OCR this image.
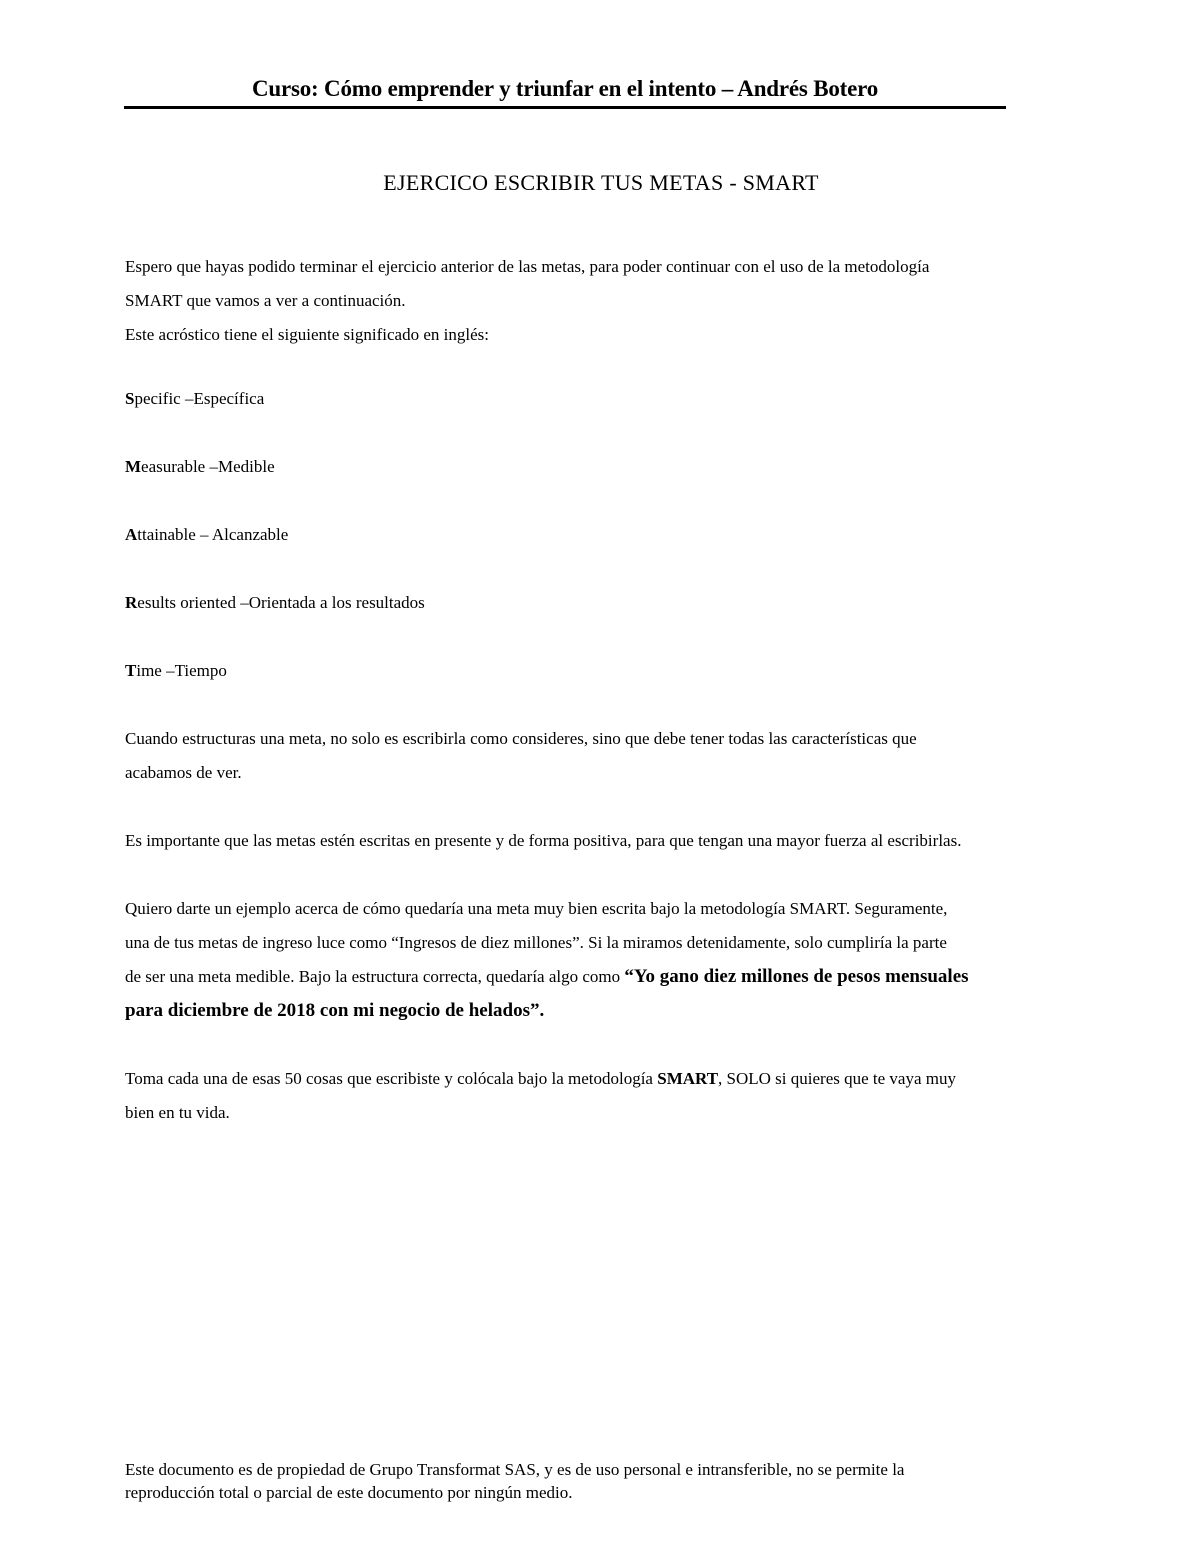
Curso: Cómo emprender y triunfar en el intento – Andrés Botero
EJERCICO ESCRIBIR TUS METAS - SMART

Espero que hayas podido terminar el ejercicio anterior de las metas, para poder continuar con el uso de la metodología

SMART que vamos a ver a continuación.

Este acróstico tiene el siguiente significado en inglés:

Specific –Específica

Measurable –Medible

Attainable – Alcanzable

Results oriented –Orientada a los resultados

Time –Tiempo

Cuando estructuras una meta, no solo es escribirla como consideres, sino que debe tener todas las características que

acabamos de ver.

Es importante que las metas estén escritas en presente y de forma positiva, para que tengan una mayor fuerza al escribirlas.

Quiero darte un ejemplo acerca de cómo quedaría una meta muy bien escrita bajo la metodología SMART. Seguramente,

una de tus metas de ingreso luce como “Ingresos de diez millones”. Si la miramos detenidamente, solo cumpliría la parte

de ser una meta medible. Bajo la estructura correcta, quedaría algo como “Yo gano diez millones de pesos mensuales

para diciembre de 2018 con mi negocio de helados”.

Toma cada una de esas 50 cosas que escribiste y colócala bajo la metodología SMART, SOLO si quieres que te vaya muy

bien en tu vida.

Este documento es de propiedad de Grupo Transformat SAS, y es de uso personal e intransferible, no se permite la
reproducción total o parcial de este documento por ningún medio.
